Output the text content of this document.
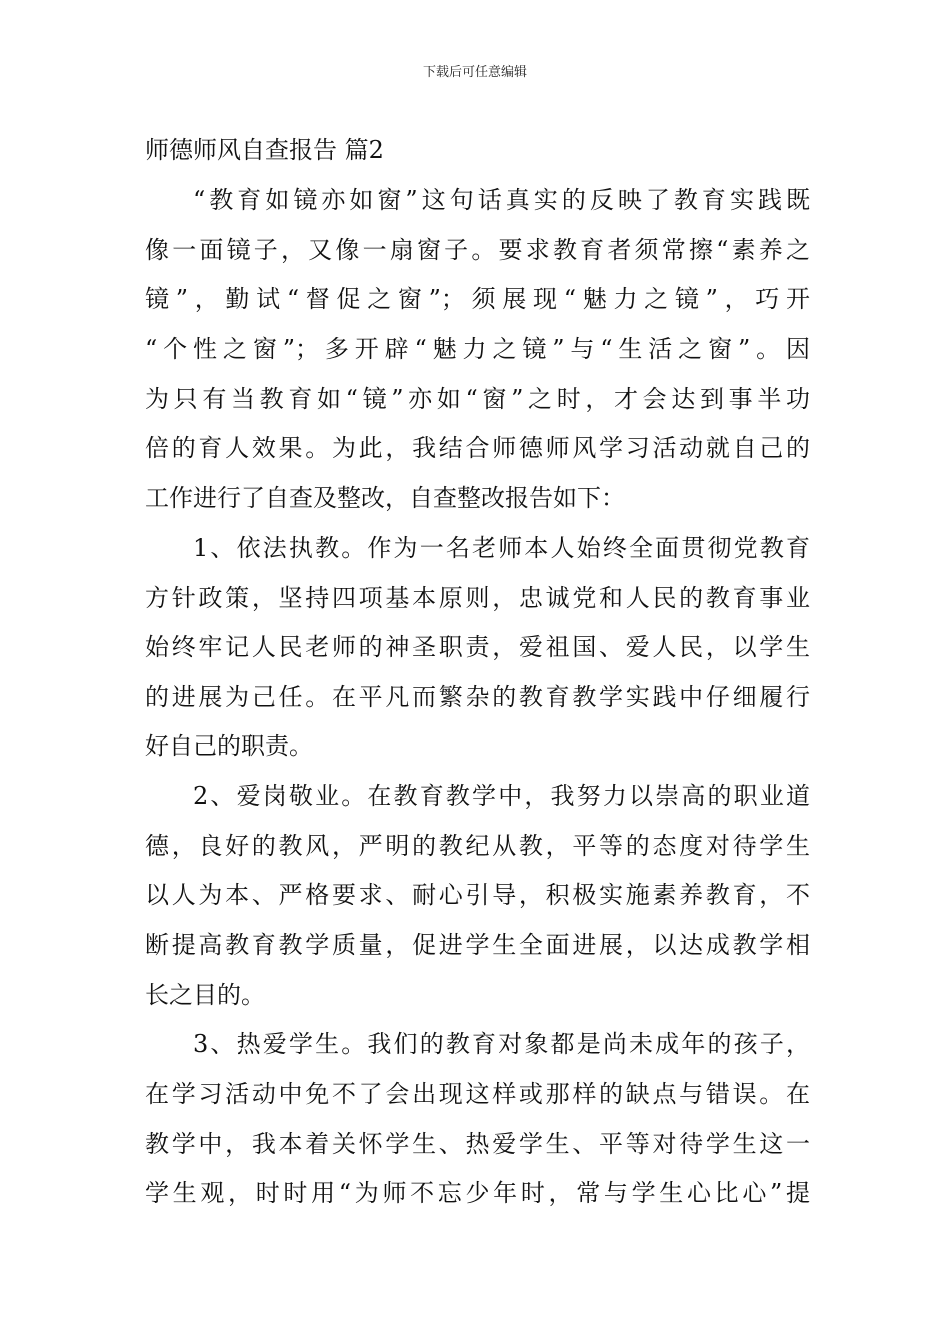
下载后可任意编辑
师德师风自查报告 篇2
“教育如镜亦如窗”这句话真实的反映了教育实践既
像一面镜子，又像一扇窗子。要求教育者须常擦“素养之
镜”，勤试“督促之窗”；须展现“魅力之镜”，巧开
“个性之窗”；多开辟“魅力之镜”与“生活之窗”。因
为只有当教育如“镜”亦如“窗”之时，才会达到事半功
倍的育人效果。为此，我结合师德师风学习活动就自己的
工作进行了自查及整改，自查整改报告如下：
1、依法执教。作为一名老师本人始终全面贯彻党教育
方针政策，坚持四项基本原则，忠诚党和人民的教育事业
始终牢记人民老师的神圣职责，爱祖国、爱人民，以学生
的进展为己任。在平凡而繁杂的教育教学实践中仔细履行
好自己的职责。
2、爱岗敬业。在教育教学中，我努力以崇高的职业道
德，良好的教风，严明的教纪从教，平等的态度对待学生
以人为本、严格要求、耐心引导，积极实施素养教育，不
断提高教育教学质量，促进学生全面进展，以达成教学相
长之目的。
3、热爱学生。我们的教育对象都是尚未成年的孩子，
在学习活动中免不了会出现这样或那样的缺点与错误。在
教学中，我本着关怀学生、热爱学生、平等对待学生这一
学生观，时时用“为师不忘少年时，常与学生心比心”提
